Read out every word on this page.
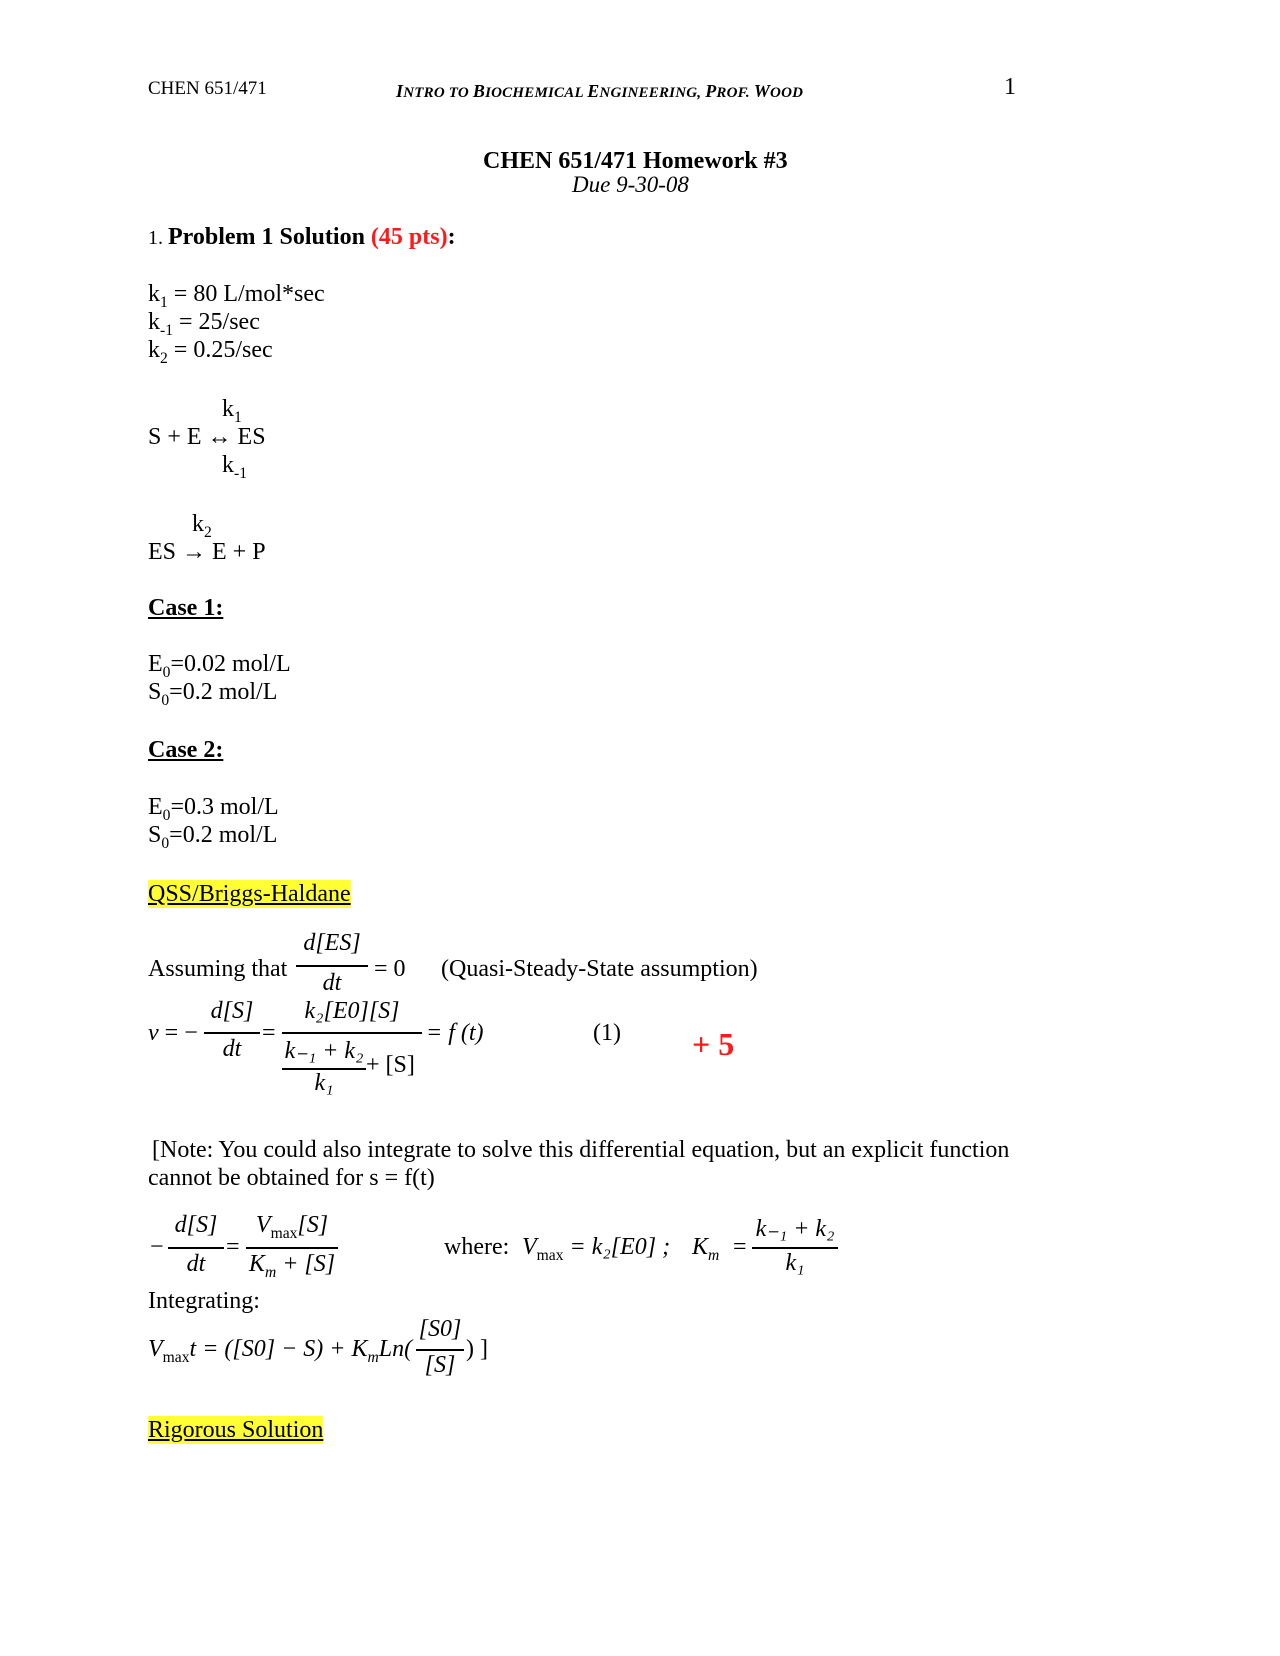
CHEN 651/471	INTRO TO BIOCHEMICAL ENGINEERING, PROF. WOOD	1
CHEN 651/471 Homework #3
Due 9-30-08
1. Problem 1 Solution (45 pts):
$k_1 = 80$ L/mol*sec
$k_{-1} = 25/\sec$
$k_2 = 0.25/\sec$
$k_1$
S + E ↔ ES
$k_{-1}$
$k_2$
ES → E + P
Case 1:
$E_0=0.02$ mol/L
$S_0=0.2$ mol/L
Case 2:
$E_0=0.3$ mol/L
$S_0=0.2$ mol/L
QSS/Briggs-Haldane
Assuming that
d[ES]
dt
= 0 (Quasi-Steady-State assumption)
v = −
d[S]
dt
=
k₂[E0][S]
k₋₁ + k₂
k₁
+ [S]
= f (t)	(1) + 5
[Note: You could also integrate to solve this differential equation, but an explicit function
cannot be obtained for s = f(t)
−
d[S]
dt
=
$V_{max}[S]$
$K_m + [S]$
where: $V_{max} = k_2[E0]$ ; $K_m$ =
k₋₁ + k₂
k₁
Integrating:
$V_{max}t = ([S0] - S) + K_mLn$(
[S0]
[S]
) ]
Rigorous Solution
